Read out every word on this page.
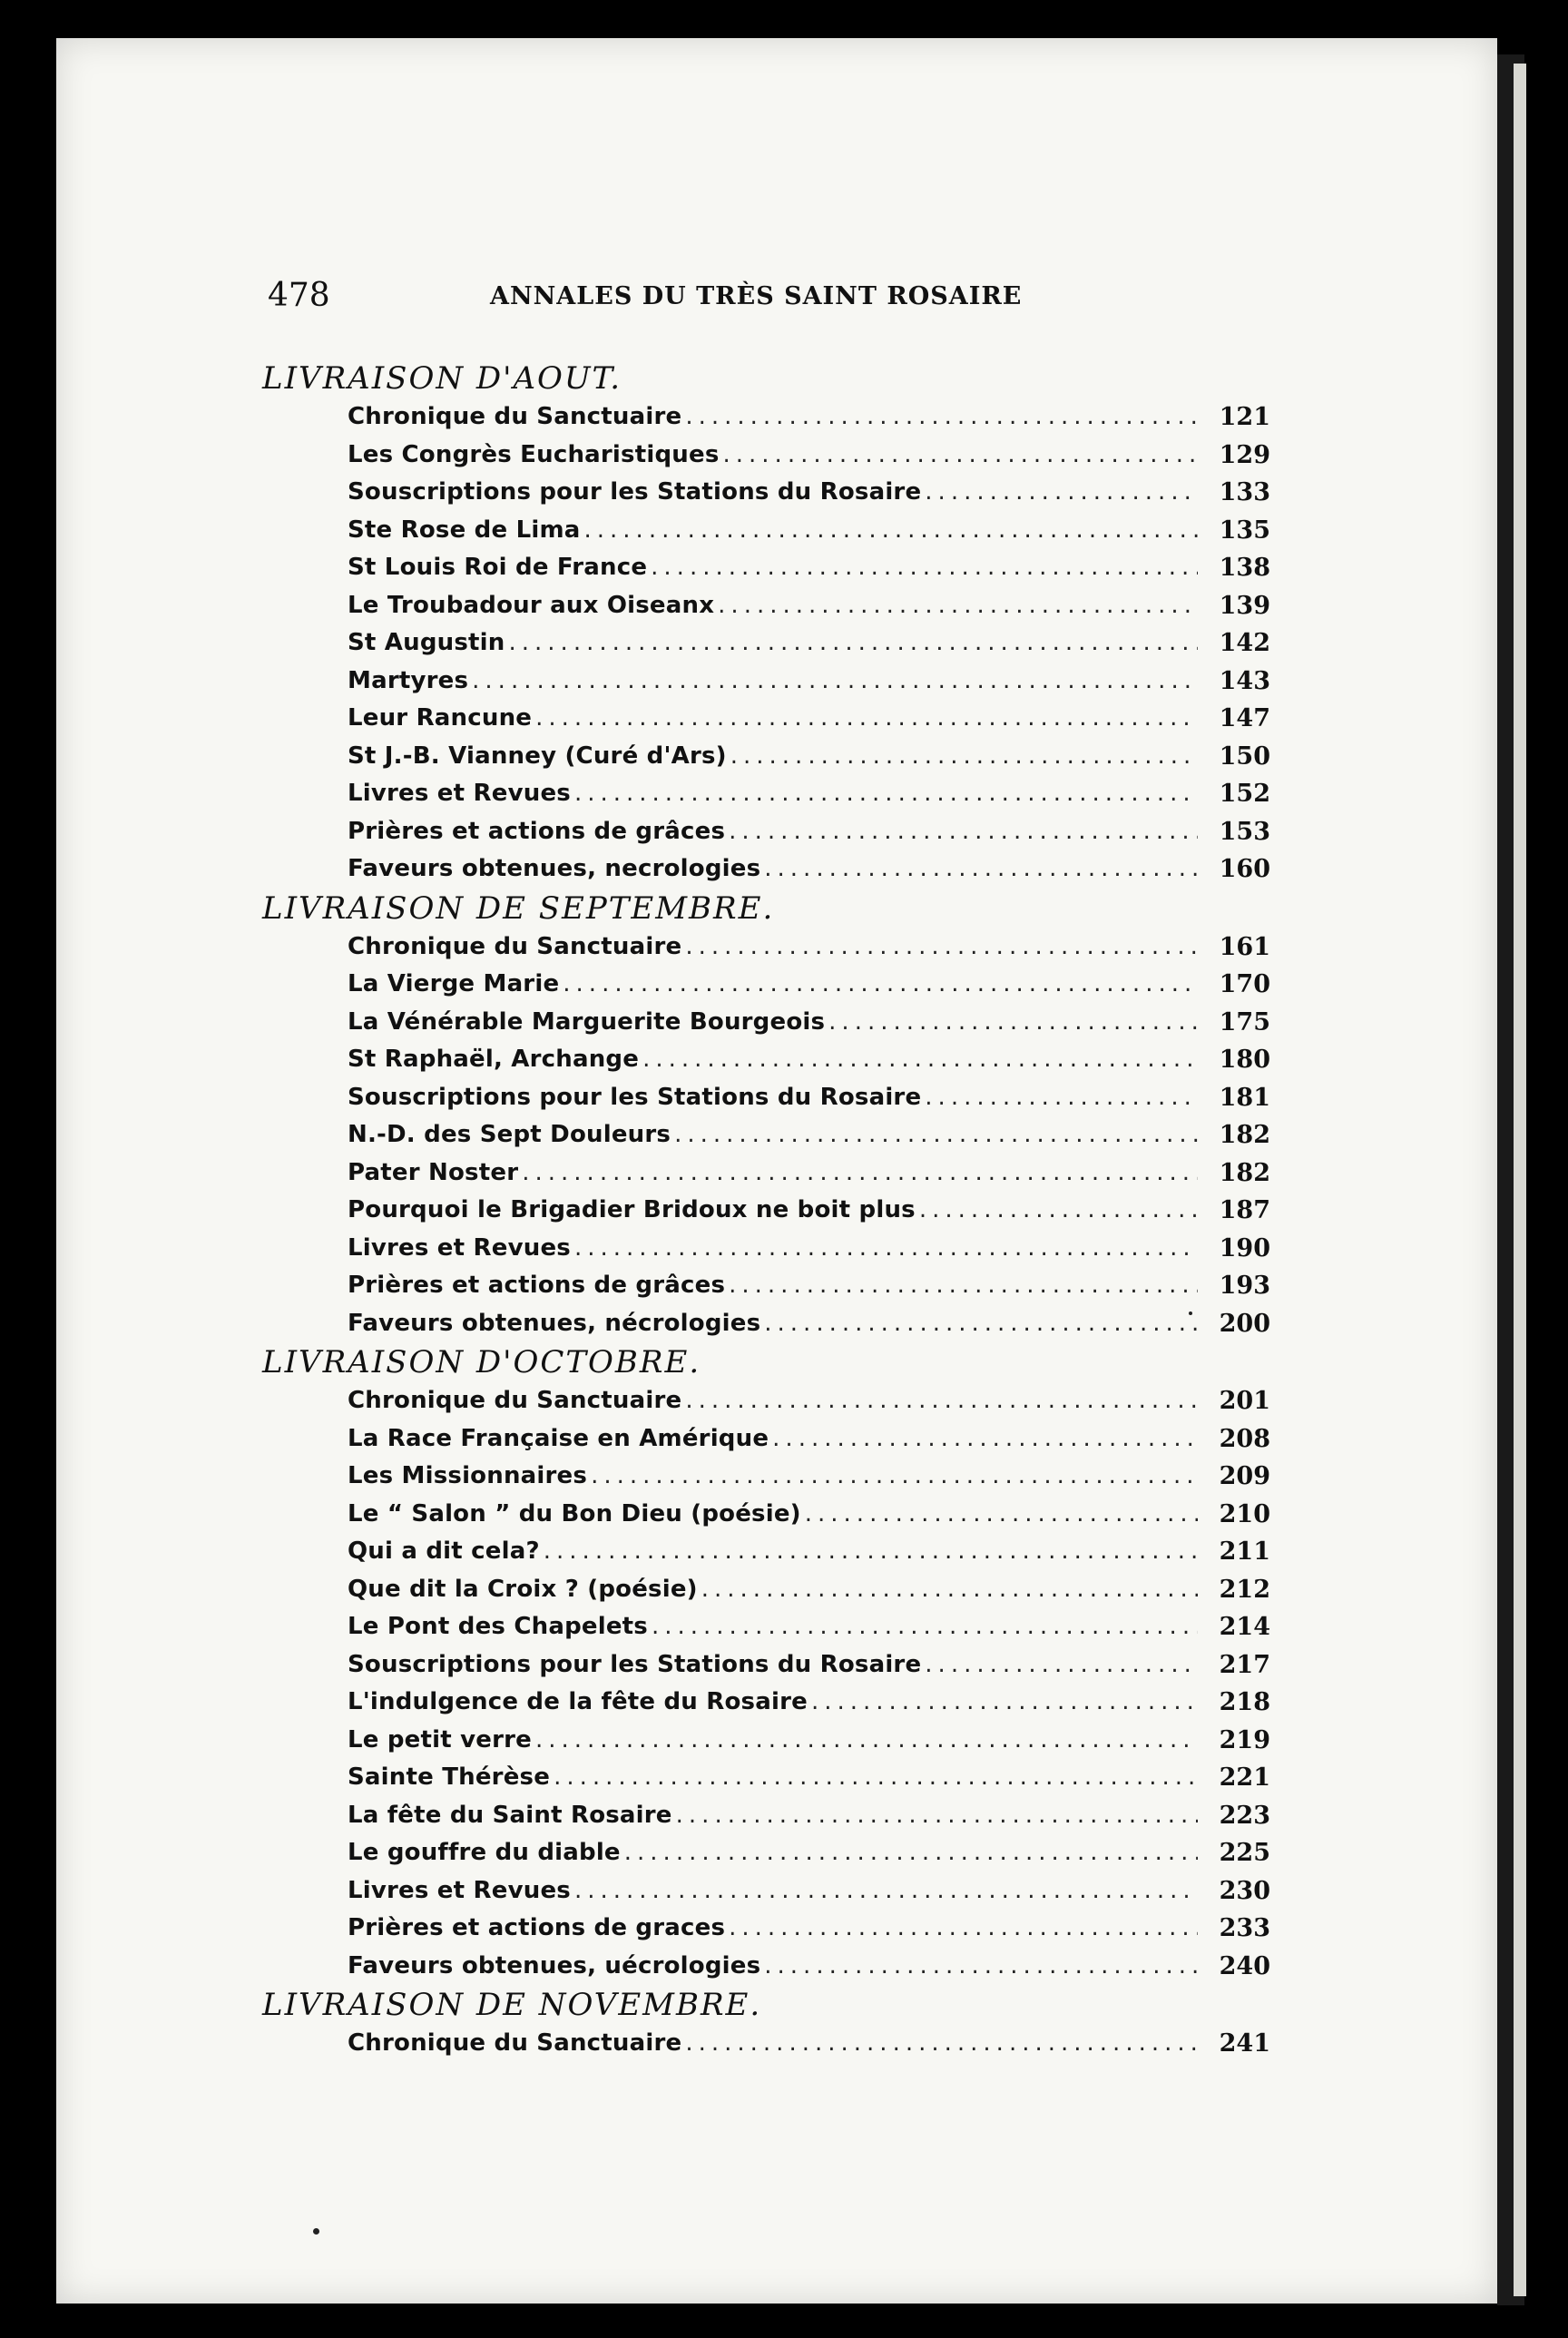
478	ANNALES DU TRÈS SAINT ROSAIRE
LIVRAISON D'AOUT.
Chronique du Sanctuaire .....	121
Les Congrès Eucharistiques .....	129
Souscriptions pour les Stations du Rosaire .....	133
Ste Rose de Lima .....	135
St Louis Roi de France .....	138
Le Troubadour aux Oiseanx .....	139
St Augustin .....	142
Martyres .....	143
Leur Rancune .....	147
St J.-B. Vianney (Curé d'Ars) .....	150
Livres et Revues .....	152
Prières et actions de grâces .....	153
Faveurs obtenues, necrologies .....	160
LIVRAISON DE SEPTEMBRE.
Chronique du Sanctuaire .....	161
La Vierge Marie .....	170
La Vénérable Marguerite Bourgeois .....	175
St Raphaël, Archange .....	180
Souscriptions pour les Stations du Rosaire .....	181
N.-D. des Sept Douleurs .....	182
Pater Noster .....	182
Pourquoi le Brigadier Bridoux ne boit plus .....	187
Livres et Revues .....	190
Prières et actions de grâces .....	193
Faveurs obtenues, nécrologies .....	200
LIVRAISON D'OCTOBRE.
Chronique du Sanctuaire .....	201
La Race Française en Amérique .....	208
Les Missionnaires .....	209
Le “ Salon ” du Bon Dieu (poésie) .....	210
Qui a dit cela? .....	211
Que dit la Croix ? (poésie) .....	212
Le Pont des Chapelets .....	214
Souscriptions pour les Stations du Rosaire .....	217
L'indulgence de la fête du Rosaire .....	218
Le petit verre .....	219
Sainte Thérèse .....	221
La fête du Saint Rosaire .....	223
Le gouffre du diable .....	225
Livres et Revues .....	230
Prières et actions de graces .....	233
Faveurs obtenues, uécrologies .....	240
LIVRAISON DE NOVEMBRE.
Chronique du Sanctuaire .....	241
